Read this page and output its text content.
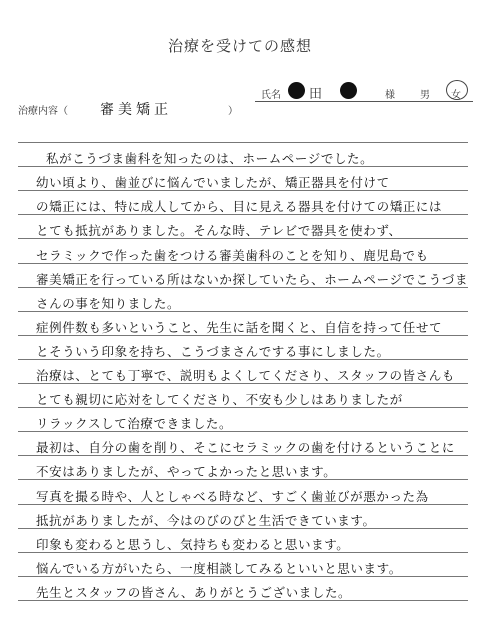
治療を受けての感想
氏名 田	様	男 女
治療内容（ 審美矯正	）
私がこうづま歯科を知ったのは、ホームページでした。
幼い頃より、歯並びに悩んでいましたが、矯正器具を付けて
の矯正には、特に成人してから、目に見える器具を付けての矯正には
とても抵抗がありました。そんな時、テレビで器具を使わず、
セラミックで作った歯をつける審美歯科のことを知り、鹿児島でも
審美矯正を行っている所はないか探していたら、ホームページでこうづま
さんの事を知りました。
症例件数も多いということ、先生に話を聞くと、自信を持って任せて
とそういう印象を持ち、こうづまさんでする事にしました。
治療は、とても丁寧で、説明もよくしてくださり、スタッフの皆さんも
とても親切に応対をしてくださり、不安も少しはありましたが
リラックスして治療できました。
最初は、自分の歯を削り、そこにセラミックの歯を付けるということに
不安はありましたが、やってよかったと思います。
写真を撮る時や、人としゃべる時など、すごく歯並びが悪かった為
抵抗がありましたが、今はのびのびと生活できています。
印象も変わると思うし、気持ちも変わると思います。
悩んでいる方がいたら、一度相談してみるといいと思います。
先生とスタッフの皆さん、ありがとうございました。
